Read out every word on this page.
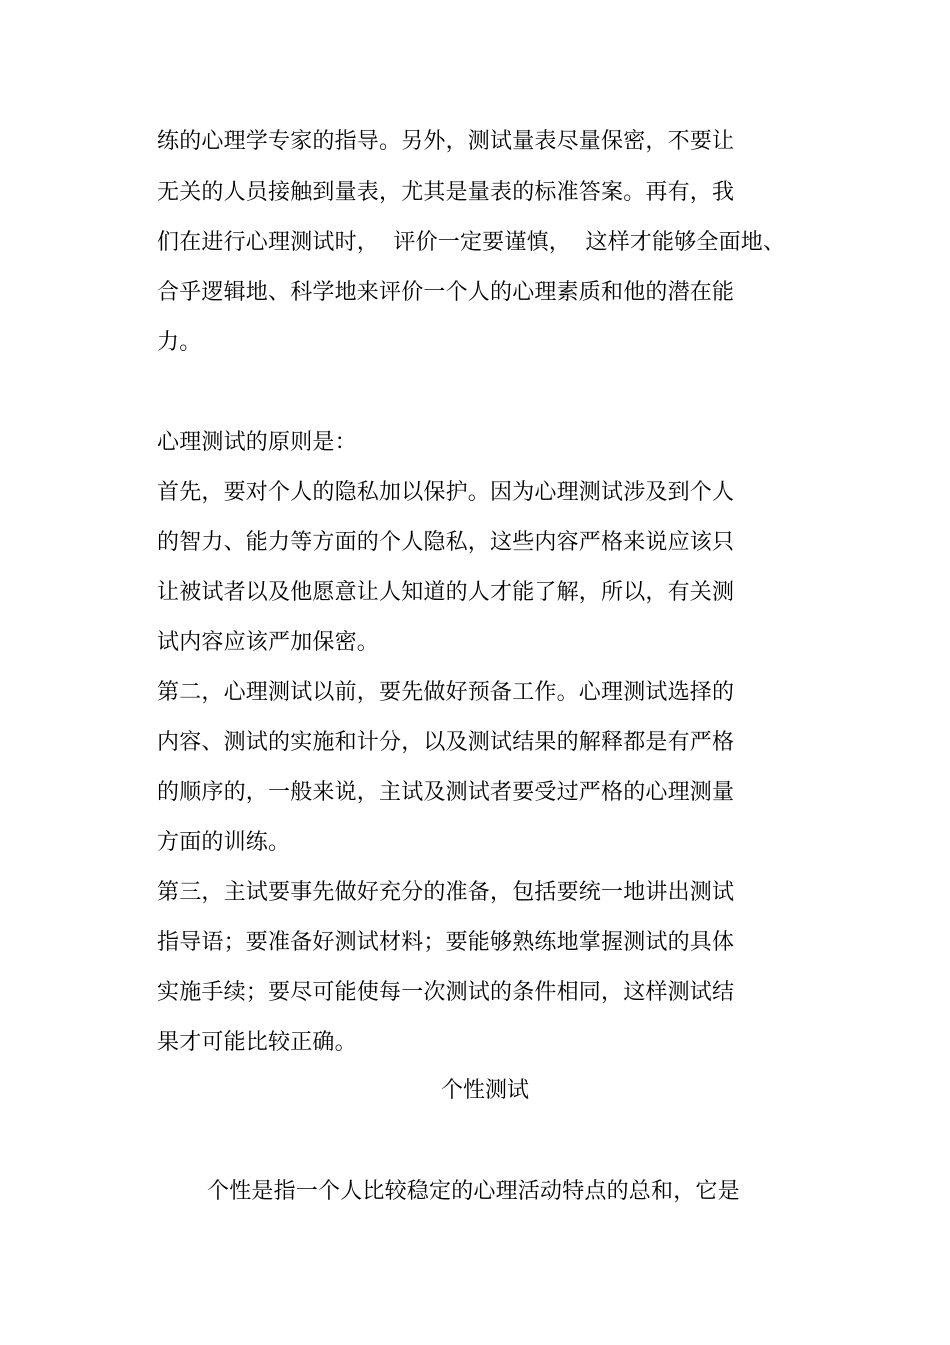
练的心理学专家的指导。另外，测试量表尽量保密，不要让
无关的人员接触到量表，尤其是量表的标准答案。再有，我
们在进行心理测试时，  评价一定要谨慎，  这样才能够全面地、
合乎逻辑地、科学地来评价一个人的心理素质和他的潜在能
力。
心理测试的原则是：
首先，要对个人的隐私加以保护。因为心理测试涉及到个人
的智力、能力等方面的个人隐私，这些内容严格来说应该只
让被试者以及他愿意让人知道的人才能了解，所以，有关测
试内容应该严加保密。
第二，心理测试以前，要先做好预备工作。心理测试选择的
内容、测试的实施和计分，以及测试结果的解释都是有严格
的顺序的，一般来说，主试及测试者要受过严格的心理测量
方面的训练。
第三，主试要事先做好充分的准备，包括要统一地讲出测试
指导语；要准备好测试材料；要能够熟练地掌握测试的具体
实施手续；要尽可能使每一次测试的条件相同，这样测试结
果才可能比较正确。
个性测试
个性是指一个人比较稳定的心理活动特点的总和，它是
